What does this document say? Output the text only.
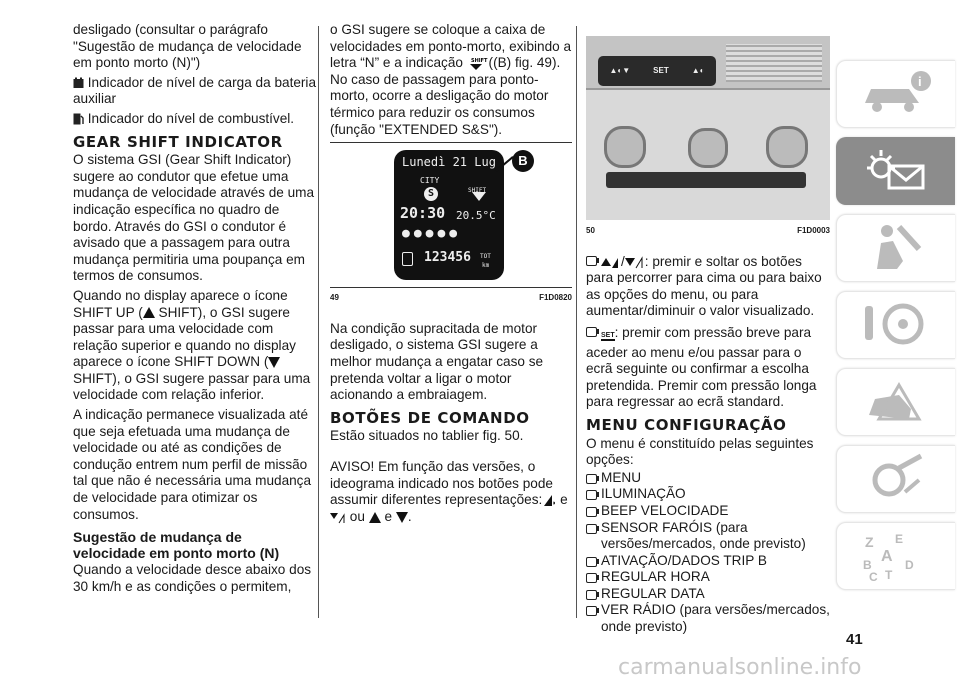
desligado (consultar o parágrafo "Sugestão de mudança de velocidade em ponto morto (N)")

Indicador de nível de carga da bateria auxiliar

Indicador do nível de combustível.

GEAR SHIFT INDICATOR

O sistema GSI (Gear Shift Indicator) sugere ao condutor que efetue uma mudança de velocidade através de uma indicação específica no quadro de bordo. Através do GSI o condutor é avisado que a passagem para outra mudança permitiria uma poupança em termos de consumos.

Quando no display aparece o ícone SHIFT UP ( SHIFT), o GSI sugere passar para uma velocidade com relação superior e quando no display aparece o ícone SHIFT DOWN ( SHIFT), o GSI sugere passar para uma velocidade com relação inferior.

A indicação permanece visualizada até que seja efetuada uma mudança de velocidade ou até as condições de condução entrem num perfil de missão tal que não é necessária uma mudança de velocidade para otimizar os consumos.

Sugestão de mudança de velocidade em ponto morto (N)

Quando a velocidade desce abaixo dos 30 km/h e as condições o permitem,

o GSI sugere se coloque a caixa de velocidades em ponto-morto, exibindo a letra “N” e a indicação SHIFT
((B) fig. 49). No caso de passagem para ponto-morto, ocorre a desligação do motor térmico para reduzir os consumos (função "EXTENDED S&S").

Lunedì 21 Lug
CITY
S	SHIFT
20:30 20.5°C
●●●●●
123456 TOT
km
B
49	F1D0820

Na condição supracitada de motor desligado, o sistema GSI sugere a melhor mudança a engatar caso se pretenda voltar a ligar o motor acionando a embraiagem.

BOTÕES DE COMANDO

Estão situados no tablier fig. 50.

AVISO! Em função das versões, o ideograma indicado nos botões pode assumir diferentes representações: ◗ e  ou e .

▲◐▼	SET	▲◐
50	F1D0003

/ : premir e soltar os botões para percorrer para cima ou para baixo as opções do menu, ou para aumentar/diminuir o valor visualizado.

SET: premir com pressão breve para aceder ao menu e/ou passar para o ecrã seguinte ou confirmar a escolha pretendida. Premir com pressão longa para regressar ao ecrã standard.

MENU CONFIGURAÇÃO

O menu é constituído pelas seguintes opções:

MENU
ILUMINAÇÃO
BEEP VELOCIDADE
SENSOR FARÓIS (para versões/mercados, onde previsto)
ATIVAÇÃO/DADOS TRIP B
REGULAR HORA
REGULAR DATA
VER RÁDIO (para versões/mercados, onde previsto)
i
Z E
A
B
C T
D
41
carmanualsonline.info
